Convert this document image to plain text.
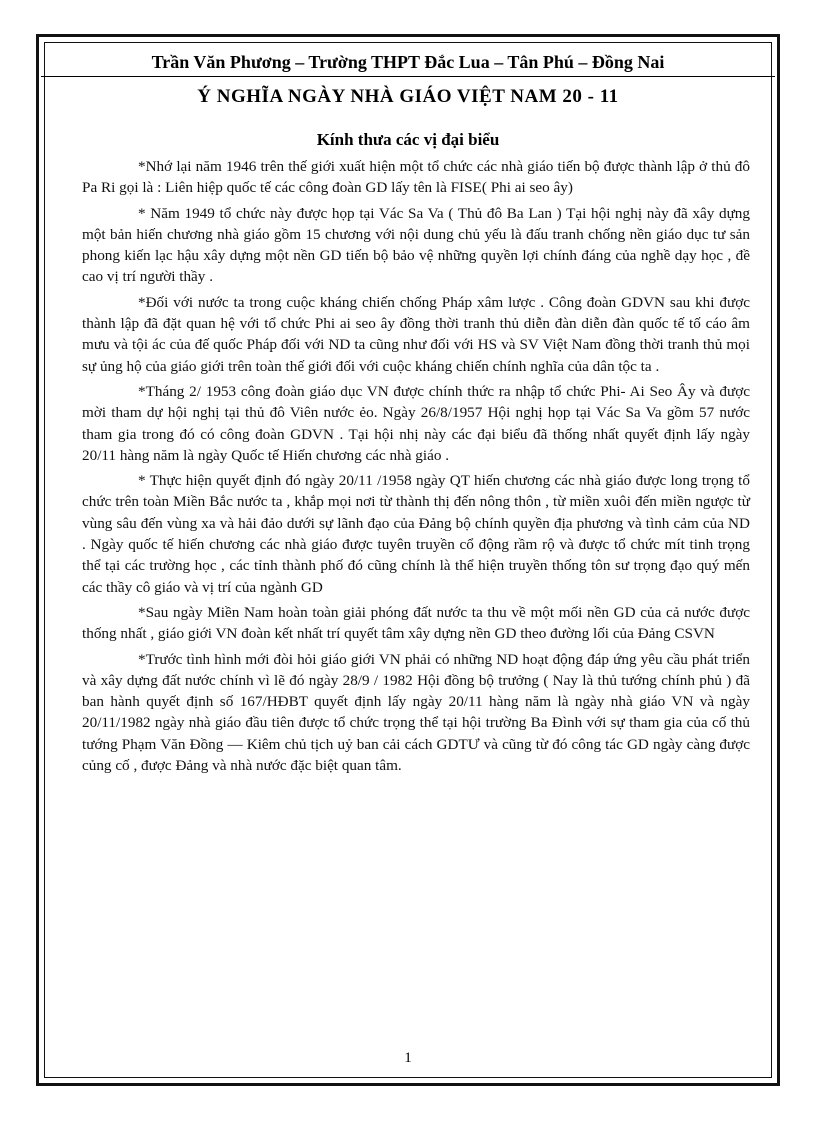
Trần Văn Phương – Trường THPT Đắc Lua – Tân Phú – Đồng Nai
Ý NGHĨA NGÀY NHÀ GIÁO VIỆT NAM 20 - 11
Kính thưa các vị đại biểu

*Nhớ lại năm 1946 trên thế giới xuất hiện một tổ chức các nhà giáo tiến bộ được thành lập ở thủ đô Pa Ri gọi là : Liên hiệp quốc tế các công đoàn GD lấy tên là FISE( Phi ai seo ây)

* Năm 1949 tổ chức này được họp tại Vác Sa Va ( Thủ đô Ba Lan ) Tại hội nghị này đã xây dựng một bản hiến chương nhà giáo gồm 15 chương với nội dung chủ yếu là đấu tranh chống nền giáo dục tư sản phong kiến lạc hậu xây dựng một nền GD tiến bộ bảo vệ những quyền lợi chính đáng của nghề dạy học , đề cao vị trí người thầy .

*Đối với nước ta trong cuộc kháng chiến chống Pháp xâm lược . Công đoàn GDVN sau khi được thành lập đã đặt quan hệ với tổ chức Phi ai seo ây đồng thời tranh thủ diễn đàn diễn đàn quốc tế tố cáo âm mưu và tội ác của đế quốc Pháp đối với ND ta cũng như đối với HS và SV Việt Nam đồng thời tranh thủ mọi sự ủng hộ của giáo giới trên toàn thế giới đối với cuộc kháng chiến chính nghĩa của dân tộc ta .

*Tháng 2/ 1953 công đoàn giáo dục VN được chính thức ra nhập tổ chức Phi- Ai Seo Ây và được mời tham dự hội nghị tại thủ đô Viên nước ẻo. Ngày 26/8/1957 Hội nghị họp tại Vác Sa Va gồm 57 nước tham gia trong đó có công đoàn GDVN . Tại hội nhị này các đại biểu đã thống nhất quyết định lấy ngày 20/11 hàng năm là ngày Quốc tế Hiến chương các nhà giáo .

* Thực hiện quyết định đó ngày 20/11 /1958 ngày QT hiến chương các nhà giáo được long trọng tổ chức trên toàn Miền Bắc nước ta , khắp mọi nơi từ thành thị đến nông thôn , từ miền xuôi đến miền ngược từ vùng sâu đến vùng xa và hải đảo dưới sự lãnh đạo của Đảng bộ chính quyền địa phương và tình cảm của ND . Ngày quốc tế hiến chương các nhà giáo được tuyên truyền cổ động rầm rộ và được tổ chức mít tinh trọng thể tại các trường học , các tỉnh thành phố đó cũng chính là thể hiện truyền thống tôn sư trọng đạo quý mến các thầy cô giáo và vị trí của ngành GD

*Sau ngày Miền Nam hoàn toàn giải phóng đất nước ta thu về một mối nền GD của cả nước được thống nhất , giáo giới VN đoàn kết nhất trí quyết tâm xây dựng nền GD theo đường lối của Đảng CSVN

*Trước tình hình mới đòi hỏi giáo giới VN phải có những ND hoạt động đáp ứng yêu cầu phát triển và xây dựng đất nước chính vì lẽ đó ngày 28/9 / 1982 Hội đồng bộ trưởng ( Nay là thủ tướng chính phủ ) đã ban hành quyết định số 167/HĐBT quyết định lấy ngày 20/11 hàng năm là ngày nhà giáo VN và ngày 20/11/1982 ngày nhà giáo đầu tiên được tổ chức trọng thể tại hội trường Ba Đình với sự tham gia của cố thủ tướng Phạm Văn Đồng — Kiêm chủ tịch uỷ ban cải cách GDTƯ và cũng từ đó công tác GD ngày càng được củng cố , được Đảng và nhà nước đặc biệt quan tâm.

1
